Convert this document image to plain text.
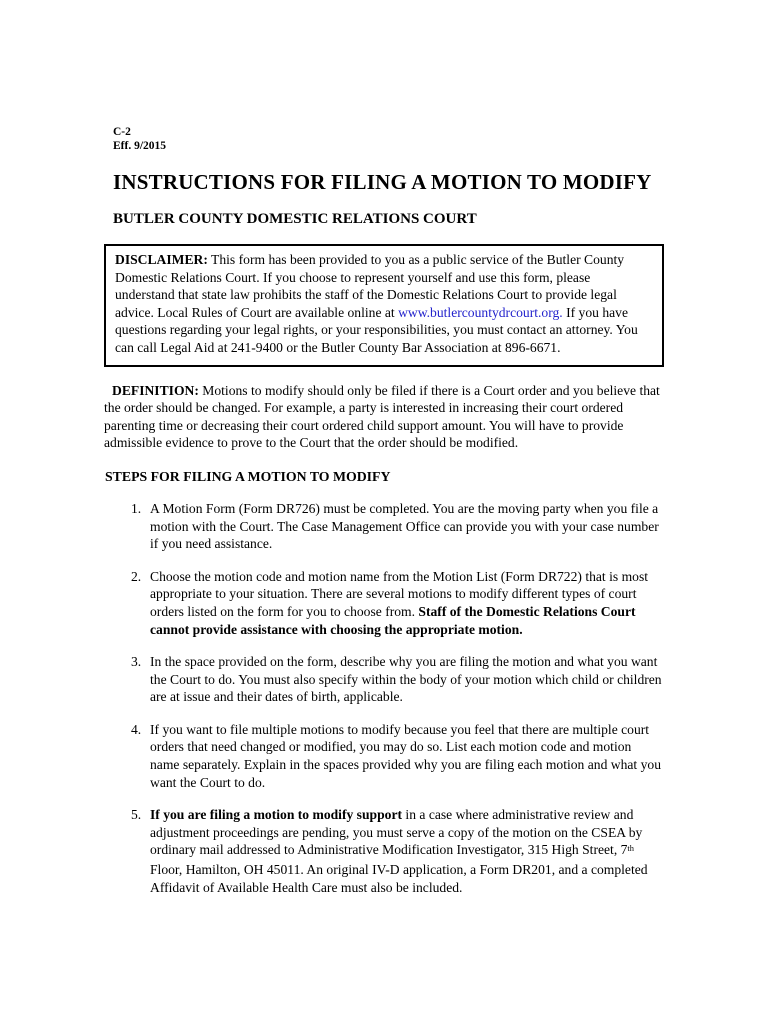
C-2
Eff. 9/2015
INSTRUCTIONS FOR FILING A MOTION TO MODIFY
BUTLER COUNTY DOMESTIC RELATIONS COURT

DISCLAIMER: This form has been provided to you as a public service of the Butler County Domestic Relations Court. If you choose to represent yourself and use this form, please understand that state law prohibits the staff of the Domestic Relations Court to provide legal advice. Local Rules of Court are available online at www.butlercountydrcourt.org. If you have questions regarding your legal rights, or your responsibilities, you must contact an attorney. You can call Legal Aid at 241-9400 or the Butler County Bar Association at 896-6671.

DEFINITION: Motions to modify should only be filed if there is a Court order and you believe that the order should be changed. For example, a party is interested in increasing their court ordered parenting time or decreasing their court ordered child support amount. You will have to provide admissible evidence to prove to the Court that the order should be modified.

STEPS FOR FILING A MOTION TO MODIFY

1. A Motion Form (Form DR726) must be completed. You are the moving party when you file a motion with the Court. The Case Management Office can provide you with your case number if you need assistance.
2. Choose the motion code and motion name from the Motion List (Form DR722) that is most appropriate to your situation. There are several motions to modify different types of court orders listed on the form for you to choose from. Staff of the Domestic Relations Court cannot provide assistance with choosing the appropriate motion.
3. In the space provided on the form, describe why you are filing the motion and what you want the Court to do. You must also specify within the body of your motion which child or children are at issue and their dates of birth, applicable.
4. If you want to file multiple motions to modify because you feel that there are multiple court orders that need changed or modified, you may do so. List each motion code and motion name separately. Explain in the spaces provided why you are filing each motion and what you want the Court to do.
5. If you are filing a motion to modify support in a case where administrative review and adjustment proceedings are pending, you must serve a copy of the motion on the CSEA by ordinary mail addressed to Administrative Modification Investigator, 315 High Street, 7th Floor, Hamilton, OH 45011. An original IV-D application, a Form DR201, and a completed Affidavit of Available Health Care must also be included.
